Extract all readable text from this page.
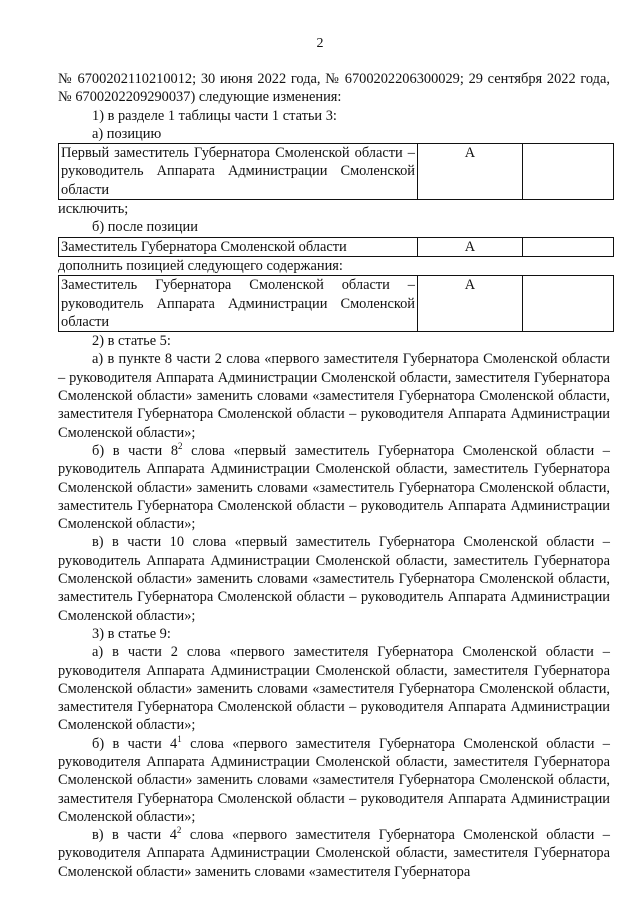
2

№ 6700202110210012; 30 июня 2022 года, № 6700202206300029; 29 сентября 2022 года, № 6700202209290037) следующие изменения:

1) в разделе 1 таблицы части 1 статьи 3:

а) позицию

Первый заместитель Губернатора Смоленской области – руководитель Аппарата Администрации Смоленской области	А	

исключить;

б) после позиции

Заместитель Губернатора Смоленской области	А	

дополнить позицией следующего содержания:

Заместитель Губернатора Смоленской области – руководитель Аппарата Администрации Смоленской области	А	

2) в статье 5:

а) в пункте 8 части 2 слова «первого заместителя Губернатора Смоленской области – руководителя Аппарата Администрации Смоленской области, заместителя Губернатора Смоленской области» заменить словами «заместителя Губернатора Смоленской области, заместителя Губернатора Смоленской области – руководителя Аппарата Администрации Смоленской области»;

б) в части $8^2$ слова «первый заместитель Губернатора Смоленской области – руководитель Аппарата Администрации Смоленской области, заместитель Губернатора Смоленской области» заменить словами «заместитель Губернатора Смоленской области, заместитель Губернатора Смоленской области – руководитель Аппарата Администрации Смоленской области»;

в) в части 10 слова «первый заместитель Губернатора Смоленской области – руководитель Аппарата Администрации Смоленской области, заместитель Губернатора Смоленской области» заменить словами «заместитель Губернатора Смоленской области, заместитель Губернатора Смоленской области – руководитель Аппарата Администрации Смоленской области»;

3) в статье 9:

а) в части 2 слова «первого заместителя Губернатора Смоленской области – руководителя Аппарата Администрации Смоленской области, заместителя Губернатора Смоленской области» заменить словами «заместителя Губернатора Смоленской области, заместителя Губернатора Смоленской области – руководителя Аппарата Администрации Смоленской области»;

б) в части $4^1$ слова «первого заместителя Губернатора Смоленской области – руководителя Аппарата Администрации Смоленской области, заместителя Губернатора Смоленской области» заменить словами «заместителя Губернатора Смоленской области, заместителя Губернатора Смоленской области – руководителя Аппарата Администрации Смоленской области»;

в) в части $4^2$ слова «первого заместителя Губернатора Смоленской области – руководителя Аппарата Администрации Смоленской области, заместителя Губернатора Смоленской области» заменить словами «заместителя Губернатора
